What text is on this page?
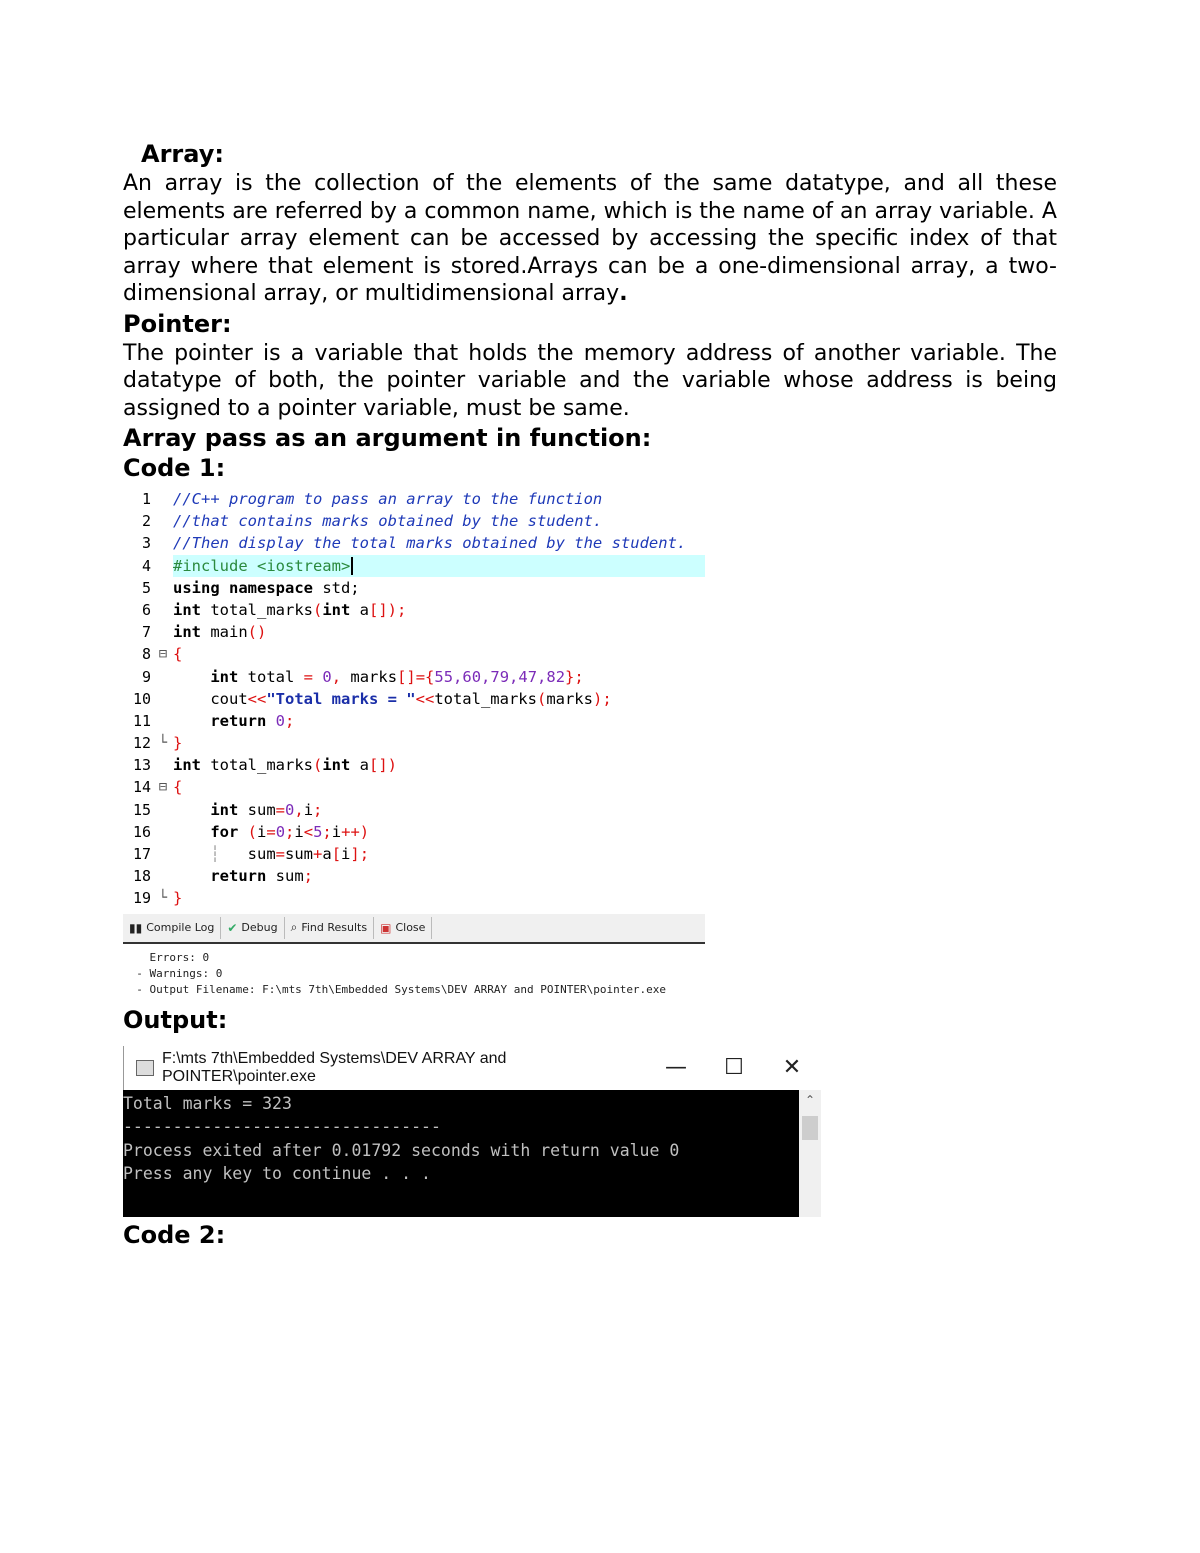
Array:

An array is the collection of the elements of the same datatype, and all these elements are referred by a common name, which is the name of an array variable. A particular array element can be accessed by accessing the specific index of that array where that element is stored.Arrays can be a one-dimensional array, a two-dimensional array, or multidimensional array.

Pointer:

The pointer is a variable that holds the memory address of another variable. The datatype of both, the pointer variable and the variable whose address is being assigned to a pointer variable, must be same.

Array pass as an argument in function:

Code 1:

1 //C++ program to pass an array to the function
2 //that contains marks obtained by the student.
3 //Then display the total marks obtained by the student.
4 #include <iostream>
5 using namespace std;
6 int total_marks(int a[]);
7 int main()
8 ⊟ {
9	int total = 0, marks[]={55,60,79,47,82};
10	cout<<"Total marks = "<<total_marks(marks);
11	return 0;
12 └ }
13 int total_marks(int a[])
14 ⊟ {
15	int sum=0,i;
16	for (i=0;i<5;i++)
17	┆ sum=sum+a[i];
18	return sum;
19 └ }
▮▮ Compile Log ✔ Debug ⌕ Find Results ▣ Close
Errors: 0
- Warnings: 0
- Output Filename: F:\mts 7th\Embedded Systems\DEV ARRAY and POINTER\pointer.exe

Output:

F:\mts 7th\Embedded Systems\DEV ARRAY and POINTER\pointer.exe	—	☐	✕
Total marks = 323
--------------------------------
Process exited after 0.01792 seconds with return value 0
Press any key to continue . . .
⌃

Code 2:
